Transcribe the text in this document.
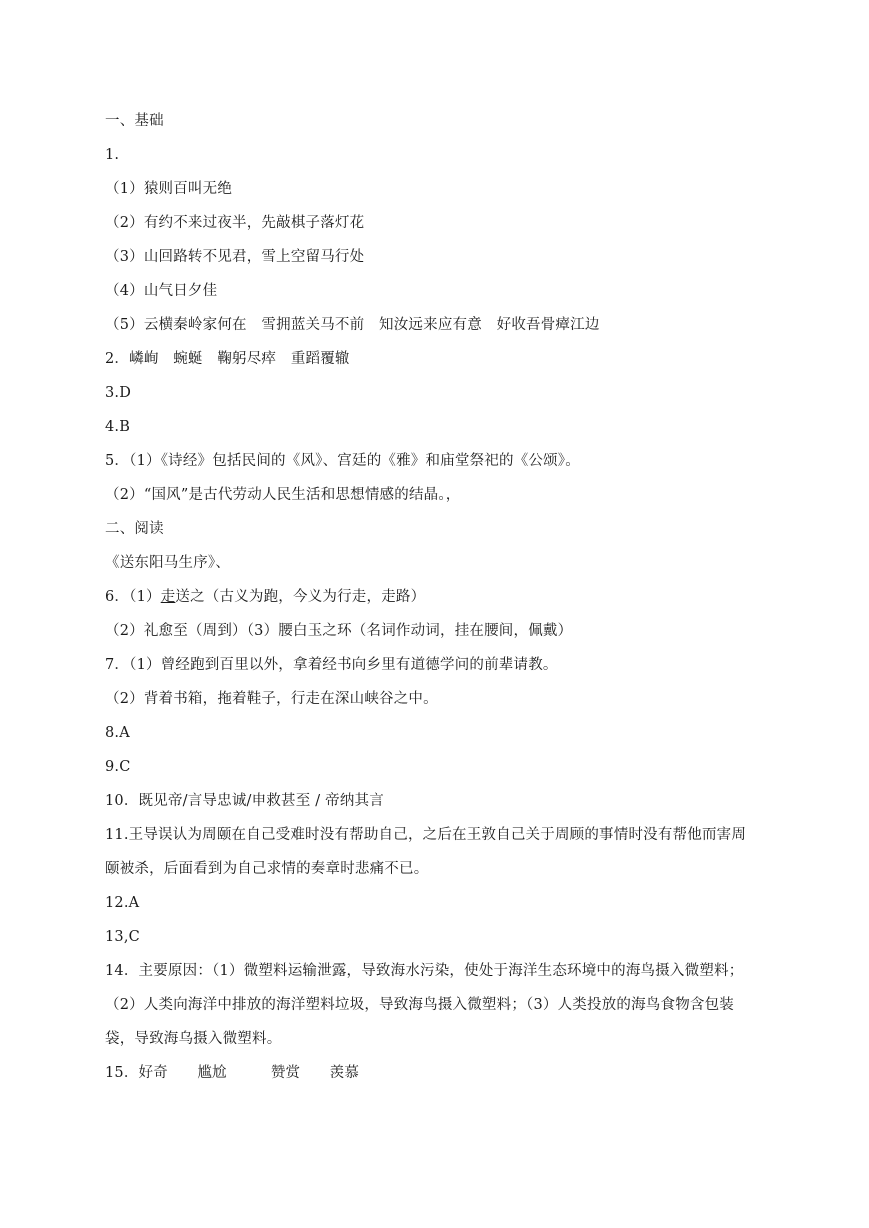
一、基础
1.
（1）猿则百叫无绝
（2）有约不来过夜半，先敲棋子落灯花
（3）山回路转不见君，雪上空留马行处
（4）山气日夕佳
（5）云横秦岭家何在　雪拥蓝关马不前　知汝远来应有意　好收吾骨瘴江边
2．嶙峋　蜿蜒　鞠躬尽瘁　重蹈覆辙
3.D
4.B
5．（1）《诗经》包括民间的《风》、宫廷的《雅》和庙堂祭祀的《公颂》。
（2）“国风”是古代劳动人民生活和思想情感的结晶。，
二、阅读
《送东阳马生序》、
6．（1）走送之（古义为跑，今义为行走，走路）
（2）礼愈至（周到）（3）腰白玉之环（名词作动词，挂在腰间，佩戴）
7．（1）曾经跑到百里以外，拿着经书向乡里有道德学问的前辈请教。
（2）背着书箱，拖着鞋子，行走在深山峡谷之中。
8.A
9.C
10．既见帝/言导忠诚/申救甚至 / 帝纳其言
11.王导误认为周颐在自己受难时没有帮助自己，之后在王敦自己关于周顾的事情时没有帮他而害周
颐被杀，后面看到为自己求情的奏章时悲痛不已。
12.A
13,C
14．主要原因：（1）微塑料运输泄露，导致海水污染，使处于海洋生态环境中的海鸟摄入微塑料；
（2）人类向海洋中排放的海洋塑料垃圾，导致海鸟摄入微塑料；（3）人类投放的海鸟食物含包装
袋，导致海乌摄入微塑料。
15．好奇　　尴尬　　　赞赏　　羡慕
